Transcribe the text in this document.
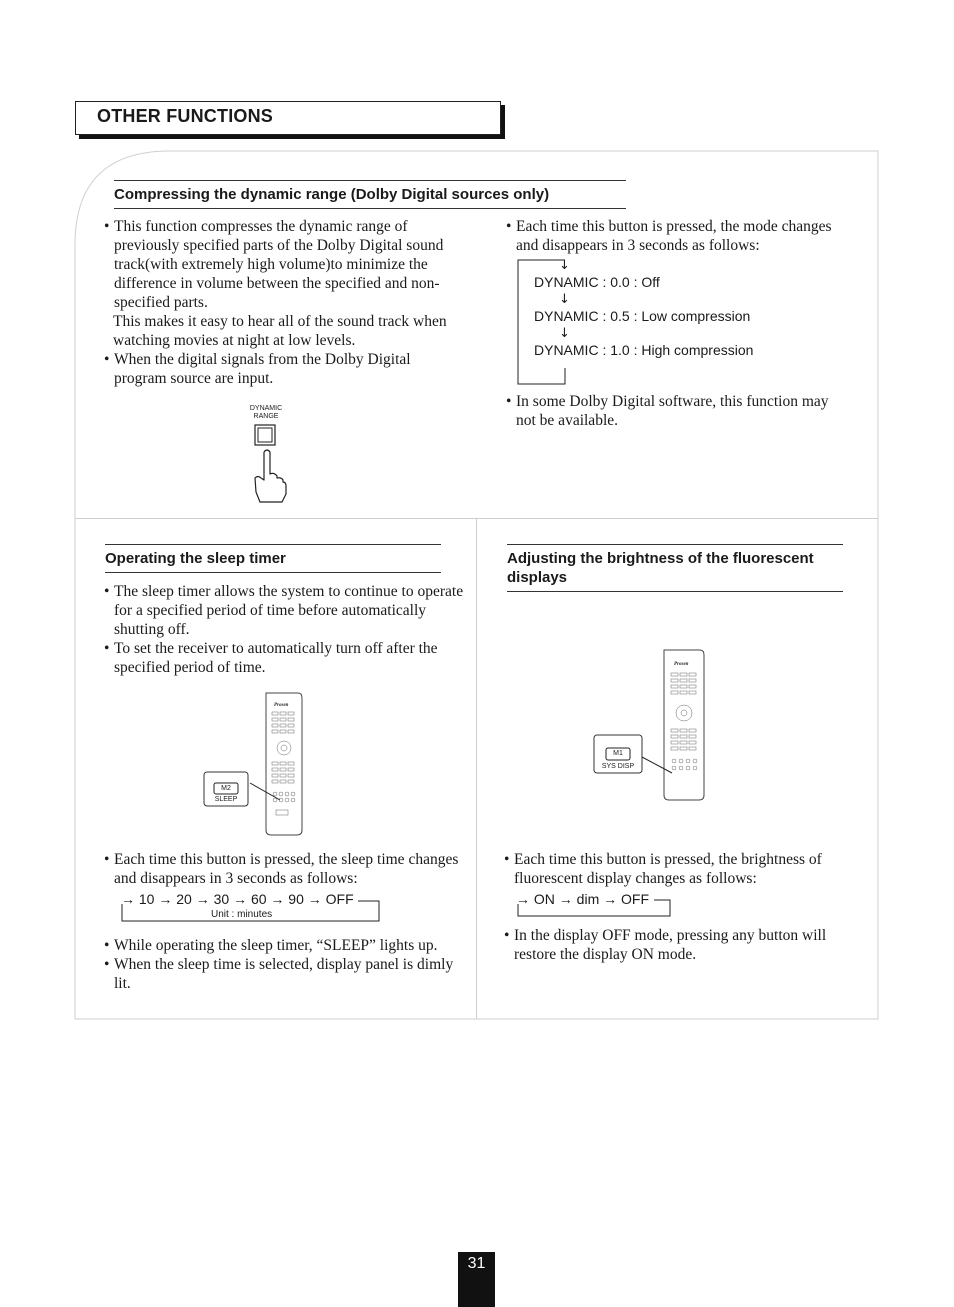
OTHER FUNCTIONS
Compressing the dynamic range (Dolby Digital sources only)
• This function compresses the dynamic range of previously specified parts of the Dolby Digital sound track(with extremely high volume)to minimize the difference in volume between the specified and non-specified parts.
This makes it easy to hear all of the sound track when watching movies at night at low levels.
• When the digital signals from the Dolby Digital program source are input.
DYNAMIC
RANGE
• Each time this button is pressed, the mode changes and disappears in 3 seconds as follows:
↓
DYNAMIC : 0.0 : Off
↓
DYNAMIC : 0.5 : Low compression
↓
DYNAMIC : 1.0 : High compression
• In some Dolby Digital software, this function may not be available.
Operating the sleep timer
• The sleep timer allows the system to continue to operate for a specified period of time before automatically shutting off.
• To set the receiver to automatically turn off after the specified period of time.
Prosen
M2
SLEEP
• Each time this button is pressed, the sleep time changes and disappears in 3 seconds as follows:
→ 10 → 20 → 30 → 60 → 90 → OFF
Unit : minutes
• While operating the sleep timer, “SLEEP” lights up.
• When the sleep time is selected, display panel is dimly lit.
Adjusting the brightness of the fluorescent displays
Prosen
M1
SYS DISP
• Each time this button is pressed, the brightness of fluorescent display changes as follows:
→ ON → dim → OFF
• In the display OFF mode, pressing any button will restore the display ON mode.
31
